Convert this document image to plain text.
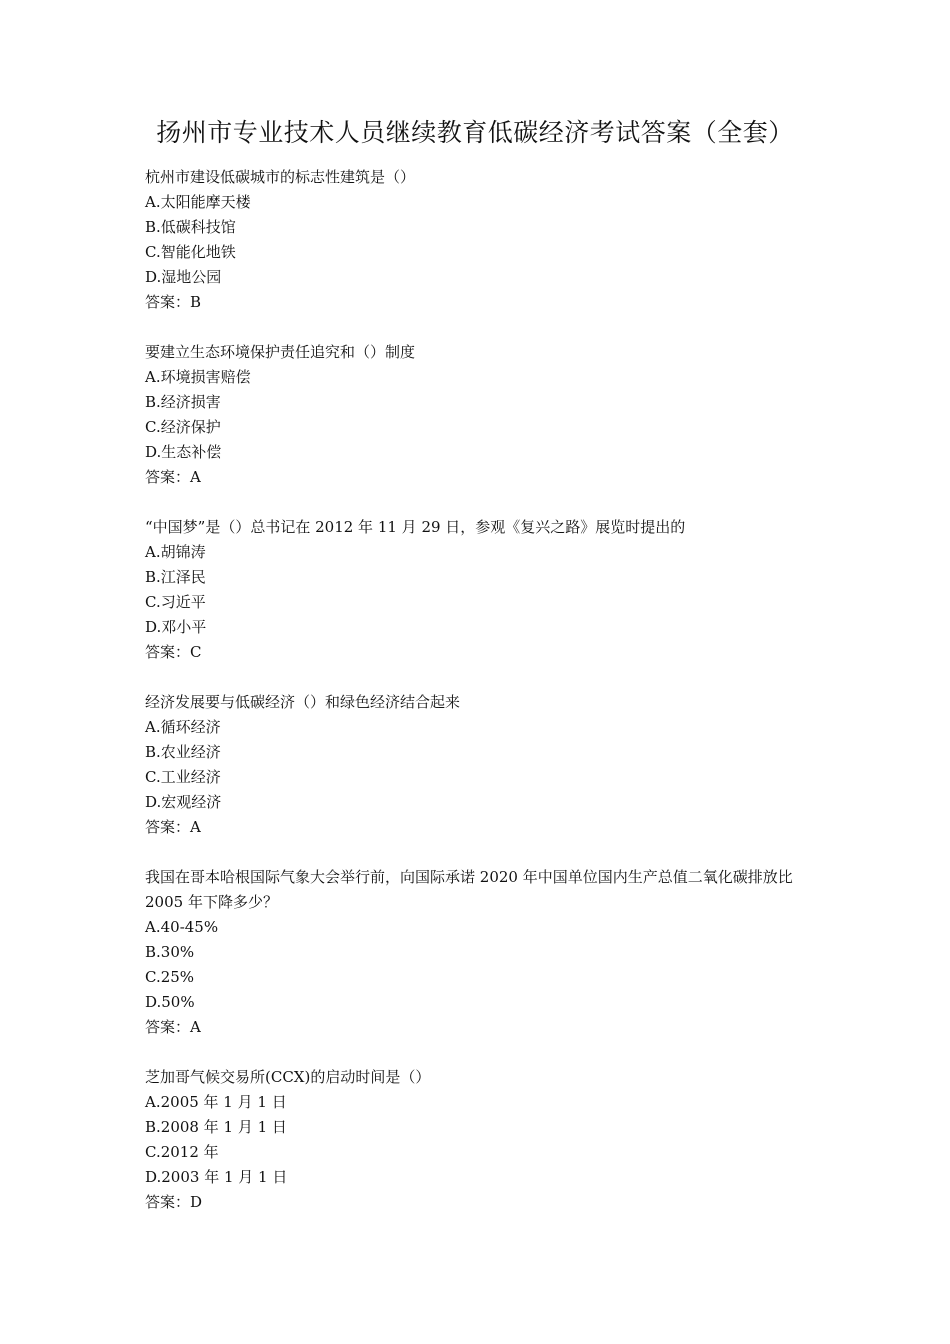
扬州市专业技术人员继续教育低碳经济考试答案（全套）
杭州市建设低碳城市的标志性建筑是（）
A.太阳能摩天楼
B.低碳科技馆
C.智能化地铁
D.湿地公园
答案：B
要建立生态环境保护责任追究和（）制度
A.环境损害赔偿
B.经济损害
C.经济保护
D.生态补偿
答案：A
“中国梦”是（）总书记在 2012 年 11 月 29 日，参观《复兴之路》展览时提出的
A.胡锦涛
B.江泽民
C.习近平
D.邓小平
答案：C
经济发展要与低碳经济（）和绿色经济结合起来
A.循环经济
B.农业经济
C.工业经济
D.宏观经济
答案：A
我国在哥本哈根国际气象大会举行前，向国际承诺 2020 年中国单位国内生产总值二氧化碳排放比 2005 年下降多少？
A.40-45%
B.30%
C.25%
D.50%
答案：A
芝加哥气候交易所(CCX)的启动时间是（）
A.2005 年 1 月 1 日
B.2008 年 1 月 1 日
C.2012 年
D.2003 年 1 月 1 日
答案：D
